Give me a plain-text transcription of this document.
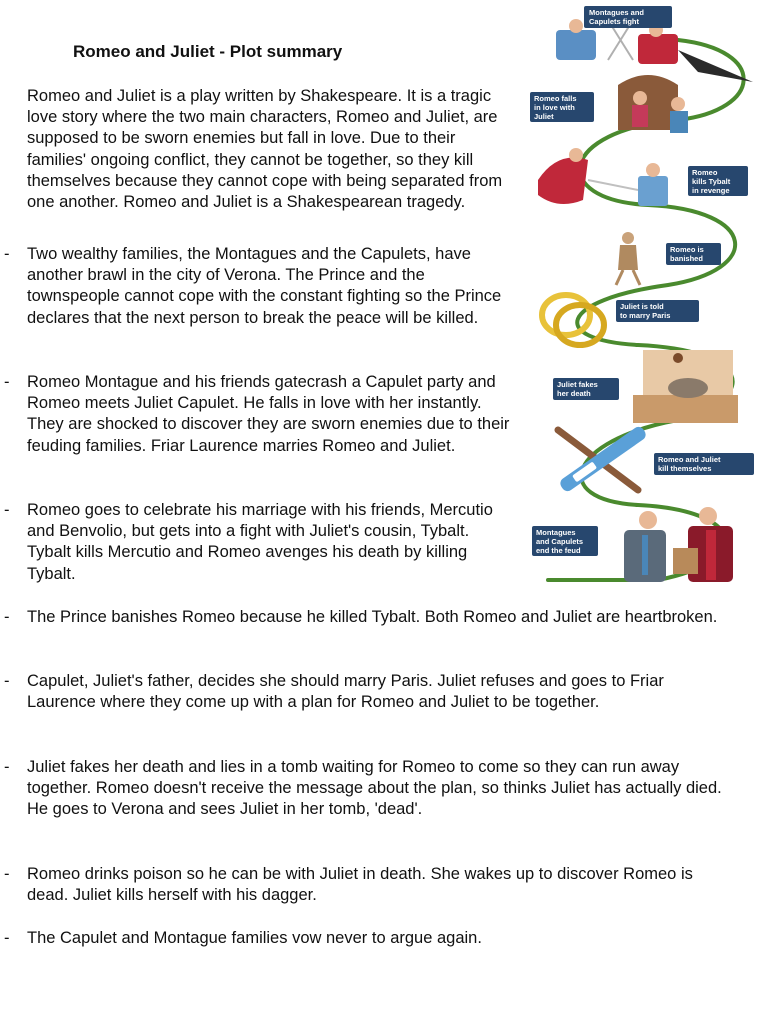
Romeo and Juliet - Plot summary
Romeo and Juliet is a play written by Shakespeare. It is a tragic love story where the two main characters, Romeo and Juliet, are supposed to be sworn enemies but fall in love. Due to their families' ongoing conflict, they cannot be together, so they kill themselves because they cannot cope with being separated from one another. Romeo and Juliet is a Shakespearean tragedy.
- Two wealthy families, the Montagues and the Capulets, have another brawl in the city of Verona. The Prince and the townspeople cannot cope with the constant fighting so the Prince declares that the next person to break the peace will be killed.
- Romeo Montague and his friends gatecrash a Capulet party and Romeo meets Juliet Capulet. He falls in love with her instantly. They are shocked to discover they are sworn enemies due to their feuding families. Friar Laurence marries Romeo and Juliet.
- Romeo goes to celebrate his marriage with his friends, Mercutio and Benvolio, but gets into a fight with Juliet's cousin, Tybalt. Tybalt kills Mercutio and Romeo avenges his death by killing Tybalt.
- The Prince banishes Romeo because he killed Tybalt. Both Romeo and Juliet are heartbroken.
- Capulet, Juliet's father, decides she should marry Paris. Juliet refuses and goes to Friar Laurence where they come up with a plan for Romeo and Juliet to be together.
- Juliet fakes her death and lies in a tomb waiting for Romeo to come so they can run away together. Romeo doesn't receive the message about the plan, so thinks Juliet has actually died. He goes to Verona and sees Juliet in her tomb, 'dead'.
- Romeo drinks poison so he can be with Juliet in death. She wakes up to discover Romeo is dead. Juliet kills herself with his dagger.
- The Capulet and Montague families vow never to argue again.
Montagues and
Capulets fight
Romeo falls
in love with
Juliet
Romeo
kills Tybalt
in revenge
Romeo is
banished
Juliet is told
to marry Paris
Juliet fakes
her death
Romeo and Juliet
kill themselves
Montagues
and Capulets
end the feud
